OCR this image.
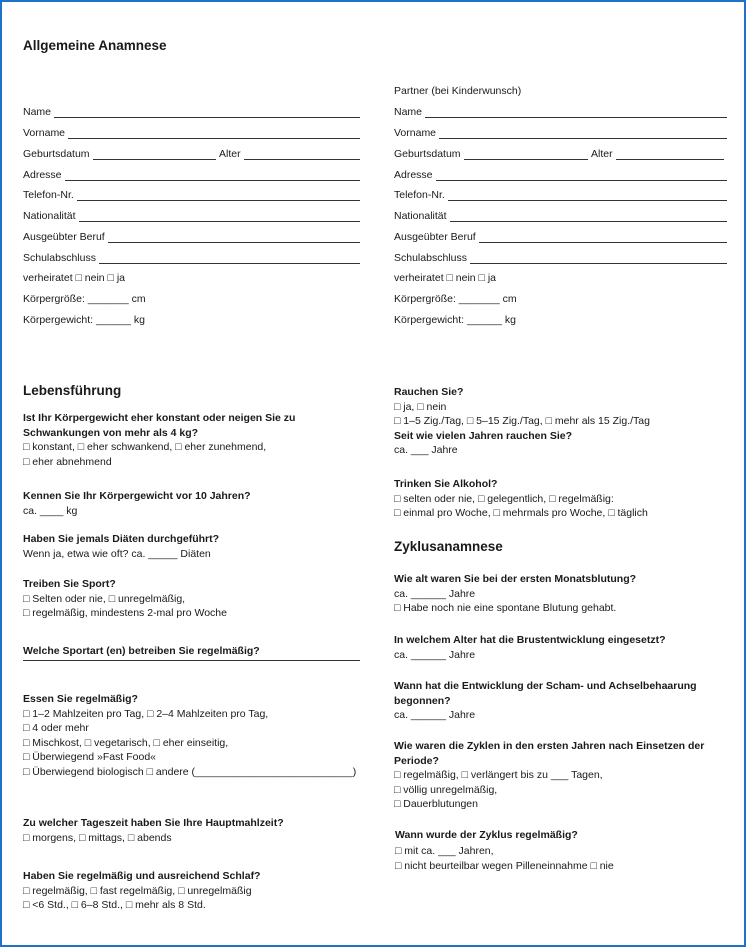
Allgemeine Anamnese
Name
Vorname
Geburtsdatum	Alter
Adresse
Telefon-Nr.
Nationalität
Ausgeübter Beruf
Schulabschluss
verheiratet □ nein □ ja
Körpergröße: _______ cm
Körpergewicht: ______ kg
Partner (bei Kinderwunsch)
Name
Vorname
Geburtsdatum	Alter
Adresse
Telefon-Nr.
Nationalität
Ausgeübter Beruf
Schulabschluss
verheiratet □ nein □ ja
Körpergröße: _______ cm
Körpergewicht: ______ kg
Lebensführung
Ist Ihr Körpergewicht eher konstant oder neigen Sie zu
Schwankungen von mehr als 4 kg?
□ konstant, □ eher schwankend, □ eher zunehmend,
□ eher abnehmend
Kennen Sie Ihr Körpergewicht vor 10 Jahren?
ca. ____ kg
Haben Sie jemals Diäten durchgeführt?
Wenn ja, etwa wie oft? ca. _____ Diäten
Treiben Sie Sport?
□ Selten oder nie, □ unregelmäßig,
□ regelmäßig, mindestens 2-mal pro Woche
Welche Sportart (en) betreiben Sie regelmäßig?
Essen Sie regelmäßig?
□ 1–2 Mahlzeiten pro Tag, □ 2–4 Mahlzeiten pro Tag,
□ 4 oder mehr
□ Mischkost, □ vegetarisch, □ eher einseitig,
□ Überwiegend »Fast Food«
□ Überwiegend biologisch □ andere (___________________________)
Zu welcher Tageszeit haben Sie Ihre Hauptmahlzeit?
□ morgens, □ mittags, □ abends
Haben Sie regelmäßig und ausreichend Schlaf?
□ regelmäßig, □ fast regelmäßig, □ unregelmäßig
□ <6 Std., □ 6–8 Std., □ mehr als 8 Std.
Rauchen Sie?
□ ja, □ nein
□ 1–5 Zig./Tag, □ 5–15 Zig./Tag, □ mehr als 15 Zig./Tag
Seit wie vielen Jahren rauchen Sie?
ca. ___ Jahre
Trinken Sie Alkohol?
□ selten oder nie, □ gelegentlich, □ regelmäßig:
□ einmal pro Woche, □ mehrmals pro Woche, □ täglich
Zyklusanamnese
Wie alt waren Sie bei der ersten Monatsblutung?
ca. ______ Jahre
□ Habe noch nie eine spontane Blutung gehabt.
In welchem Alter hat die Brustentwicklung eingesetzt?
ca. ______ Jahre
Wann hat die Entwicklung der Scham- und Achselbehaarung
begonnen?
ca. ______ Jahre
Wie waren die Zyklen in den ersten Jahren nach Einsetzen der
Periode?
□ regelmäßig, □ verlängert bis zu ___ Tagen,
□ völlig unregelmäßig,
□ Dauerblutungen
Wann wurde der Zyklus regelmäßig?
□ mit ca. ___ Jahren,
□ nicht beurteilbar wegen Pilleneinnahme □ nie
